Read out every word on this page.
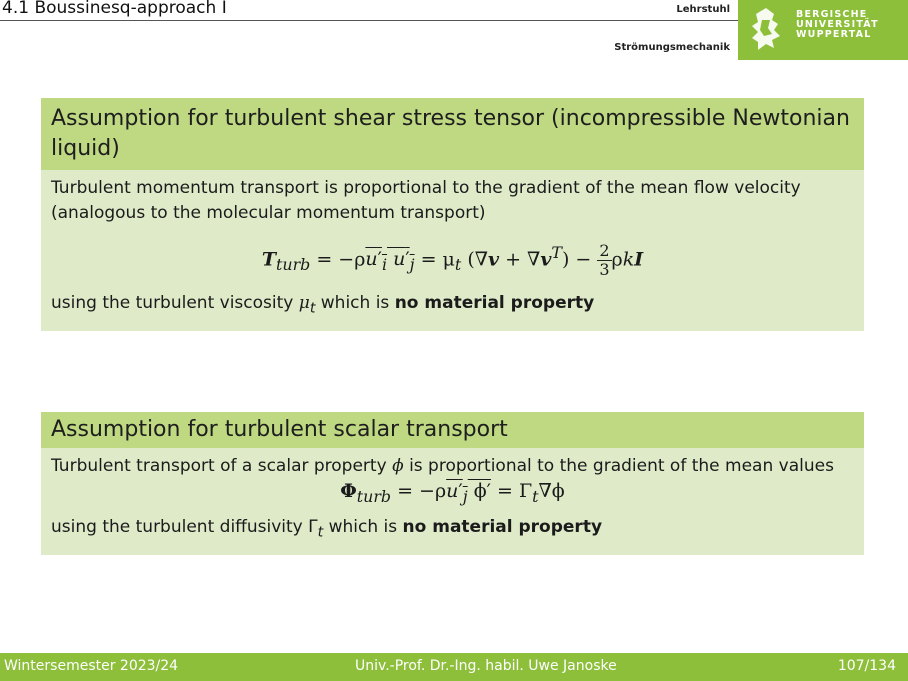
4.1 Boussinesq-approach I	Lehrstuhl
Strömungsmechanik
BERGISCHE
UNIVERSITÄT
WUPPERTAL
Assumption for turbulent shear stress tensor (incompressible Newtonian liquid)
Turbulent momentum transport is proportional to the gradient of the mean flow velocity (analogous to the molecular momentum transport)
$T_{turb} = -\rho u'_i$ $u'_j = \mu_t$ $(\nabla v + \nabla v^T) - \frac{2}{3}$ ρkI
using the turbulent viscosity $\mu_t$ which is no material property
Assumption for turbulent scalar transport
Turbulent transport of a scalar property ϕ is proportional to the gradient of the mean values
$\Phi_{turb} = -\rho u'_j$ $\phi' = \Gamma_t\nabla\phi$
using the turbulent diffusivity $\Gamma_t$ which is no material property
Wintersemester 2023/24	Univ.-Prof. Dr.-Ing. habil. Uwe Janoske	107/134
